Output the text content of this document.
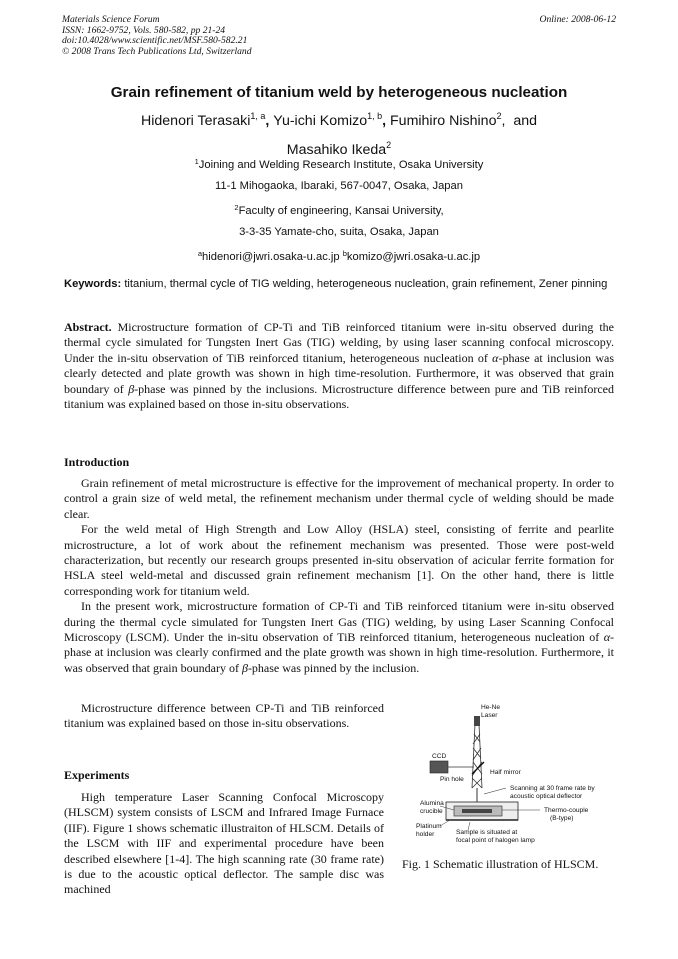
Materials Science Forum
ISSN: 1662-9752, Vols. 580-582, pp 21-24
doi:10.4028/www.scientific.net/MSF.580-582.21
© 2008 Trans Tech Publications Ltd, Switzerland
Online: 2008-06-12
Grain refinement of titanium weld by heterogeneous nucleation
Hidenori Terasaki$^{1, a}$, Yu-ichi Komizo$^{1, b}$, Fumihiro Nishino$^2$,  and
Masahiko Ikeda$^2$
$^1$Joining and Welding Research Institute, Osaka University
11-1 Mihogaoka, Ibaraki, 567-0047, Osaka, Japan
$^2$Faculty of engineering, Kansai University,
3-3-35 Yamate-cho, suita, Osaka, Japan
$^a$hidenori@jwri.osaka-u.ac.jp $^b$komizo@jwri.osaka-u.ac.jp
Keywords: titanium, thermal cycle of TIG welding, heterogeneous nucleation, grain refinement, Zener pinning
Abstract. Microstructure formation of CP-Ti and TiB reinforced titanium were in-situ observed during the thermal cycle simulated for Tungsten Inert Gas (TIG) welding, by using laser scanning confocal microscopy. Under the in-situ observation of TiB reinforced titanium, heterogeneous nucleation of α-phase at inclusion was clearly detected and plate growth was shown in high time-resolution. Furthermore, it was observed that grain boundary of β-phase was pinned by the inclusions. Microstructure difference between pure and TiB reinforced titanium was explained based on those in-situ observations.
Introduction

Grain refinement of metal microstructure is effective for the improvement of mechanical property. In order to control a grain size of weld metal, the refinement mechanism under thermal cycle of welding should be made clear.

For the weld metal of High Strength and Low Alloy (HSLA) steel, consisting of ferrite and pearlite microstructure, a lot of work about the refinement mechanism was presented. Those were post-weld characterization, but recently our research groups presented in-situ observation of acicular ferrite formation for HSLA steel weld-metal and discussed grain refinement mechanism [1]. On the other hand, there is little corresponding work for titanium weld.

In the present work, microstructure formation of CP-Ti and TiB reinforced titanium were in-situ observed during the thermal cycle simulated for Tungsten Inert Gas (TIG) welding, by using Laser Scanning Confocal Microscopy (LSCM). Under the in-situ observation of TiB reinforced titanium, heterogeneous nucleation of α-phase at inclusion was clearly confirmed and the plate growth was shown in high time-resolution. Furthermore, it was observed that grain boundary of β-phase was pinned by the inclusion.

Microstructure difference between CP-Ti and TiB reinforced titanium was explained based on those in-situ observations.

Experiments

High temperature Laser Scanning Confocal Microscopy (HLSCM) system consists of LSCM and Infrared Image Furnace (IIF). Figure 1 shows schematic illustraiton of HLSCM. Details of the LSCM with IIF and experimental procedure have been described elsewhere [1-4]. The high scanning rate (30 frame rate) is due to the acoustic optical deflector. The sample disc was machined

He-Ne
Laser
CCD
Pin hole
Half mirror
Scanning at 30 frame rate by
acoustic optical deflector
Alumina
crucible	Thermo-couple
(B-type)
Platinum
holder	Sample is situated at
focal point of halogen lamp
Fig. 1 Schematic illustration of HLSCM.
